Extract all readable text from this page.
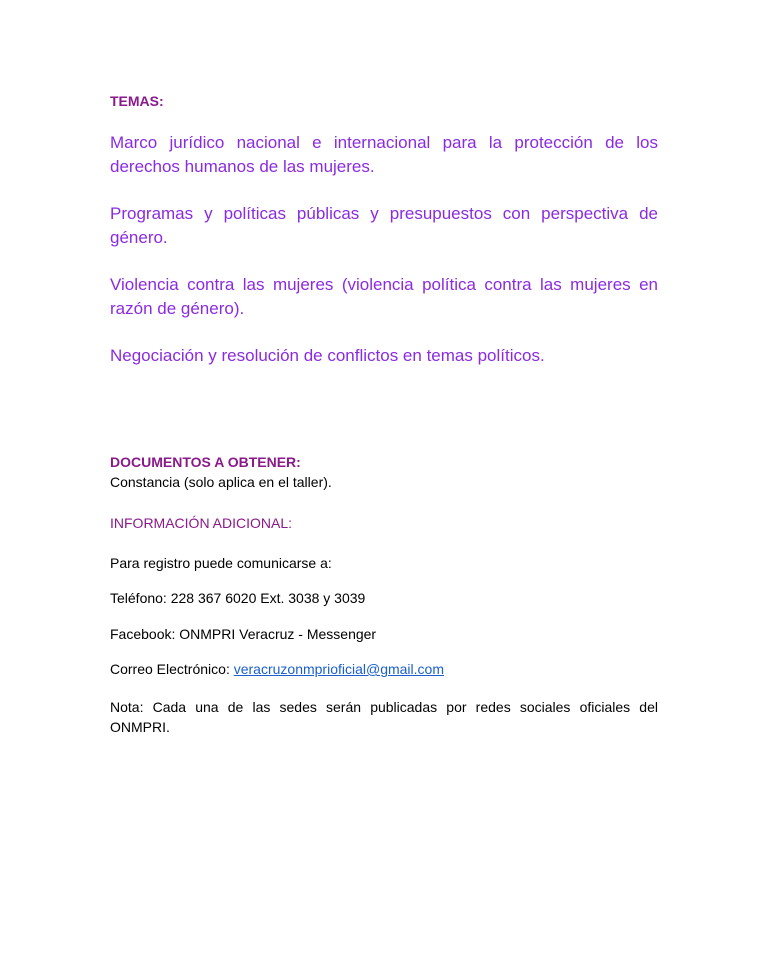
TEMAS:

Marco jurídico nacional e internacional para la protección de los derechos humanos de las mujeres.

Programas y políticas públicas y presupuestos con perspectiva de género.

Violencia contra las mujeres (violencia política contra las mujeres en razón de género).

Negociación y resolución de conflictos en temas políticos.

DOCUMENTOS A OBTENER:

Constancia (solo aplica en el taller).

INFORMACIÓN ADICIONAL:

Para registro puede comunicarse a:

Teléfono: 228 367 6020 Ext. 3038 y 3039

Facebook: ONMPRI Veracruz - Messenger

Correo Electrónico: veracruzonmprioficial@gmail.com

Nota: Cada una de las sedes serán publicadas por redes sociales oficiales del ONMPRI.
